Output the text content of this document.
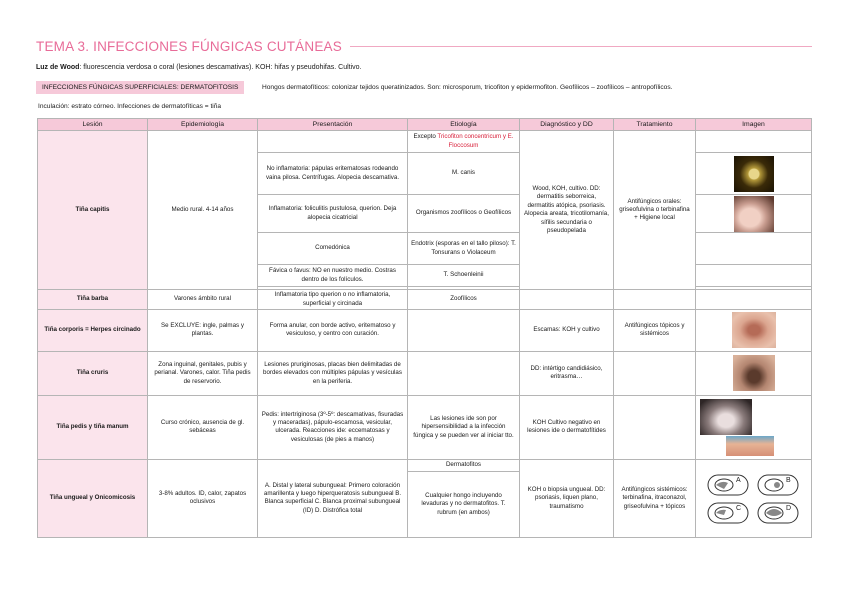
TEMA 3. INFECCIONES FÚNGICAS CUTÁNEAS
Luz de Wood: fluorescencia verdosa o coral (lesiones descamativas). KOH: hifas y pseudohifas. Cultivo.
INFECCIONES FÚNGICAS SUPERFICIALES: DERMATOFITOSIS	Hongos dermatofíticos: colonizar tejidos queratinizados. Son: microsporum, tricofiton y epidermofiton. Geofílicos – zoofílicos – antropofílicos.
Inculación: estrato córneo. Infecciones de dermatofíticas = tiña
Lesión	Epidemiología	Presentación	Etiología	Diagnóstico y DD	Tratamiento	Imagen
Tiña capitis	Medio rural. 4-14 años		Excepto Tricofiton concentricum y E. Floccosum	Wood, KOH, cultivo. DD: dermatitis seborreica, dermatitis atópica, psoriasis. Alopecia areata, tricotilomanía, sífilis secundaria o pseudopelada	Antifúngicos orales: griseofulvina o terbinafina + Higiene local	
		No inflamatoria: pápulas eritematosas rodeando vaina pilosa. Centrífugas. Alopecia descamativa.	M. canis			

		Inflamatoria: foliculitis pustulosa, querion. Deja alopecia cicatricial	Organismos zoofílicos o Geofílicos			

		Comedónica	Endotrix (esporas en el tallo piloso): T. Tonsurans o Violaceum			
		Fávica o favus: NO en nuestro medio. Costras dentro de los folículos.	T. Schoenleinii			

Tiña barba	Varones ámbito rural	Inflamatoria tipo querion o no inflamatoria, superficial y circinada	Zoofílicos			
Tiña corporis = Herpes circinado	Se EXCLUYE: ingle, palmas y plantas.	Forma anular, con borde activo, eritematoso y vesiculoso, y centro con curación.		Escamas: KOH y cultivo	Antifúngicos tópicos y sistémicos	

Tiña cruris	Zona inguinal, genitales, pubis y perianal. Varones, calor. Tiña pedis de reservorio.	Lesiones pruriginosas, placas bien delimitadas de bordes elevados con múltiples pápulas y vesículas en la periferia.		DD: intértigo candidiásico, eritrasma…		

Tiña pedis y tiña manum	Curso crónico, ausencia de gl. sebáceas	Pedis: intertriginosa (3º-5º: descamativas, fisuradas y maceradas), pápulo-escamosa, vesicular, ulcerada. Reacciones ide: eccematosas y vesiculosas (de pies a manos)	Las lesiones ide son por hipersensibilidad a la infección fúngica y se pueden ver al iniciar tto.	KOH Cultivo negativo en lesiones ide o dermatofítides		

Tiña ungueal y Onicomicosis	3-8% adultos. ID, calor, zapatos oclusivos	A. Distal y lateral subungueal: Primero coloración amarillenta y luego hiperqueratosis subungueal B. Blanca superficial C. Blanca proximal subungueal (ID) D. Distrófica total	Dermatofitos	KOH o biopsia ungueal. DD: psoriasis, liquen plano, traumatismo	Antifúngicos sistémicos: terbinafina, itraconazol, griseofulvina + tópicos	A B
C D

			Cualquier hongo incluyendo levaduras y no dermatofitos. T. rubrum (en ambos)			
